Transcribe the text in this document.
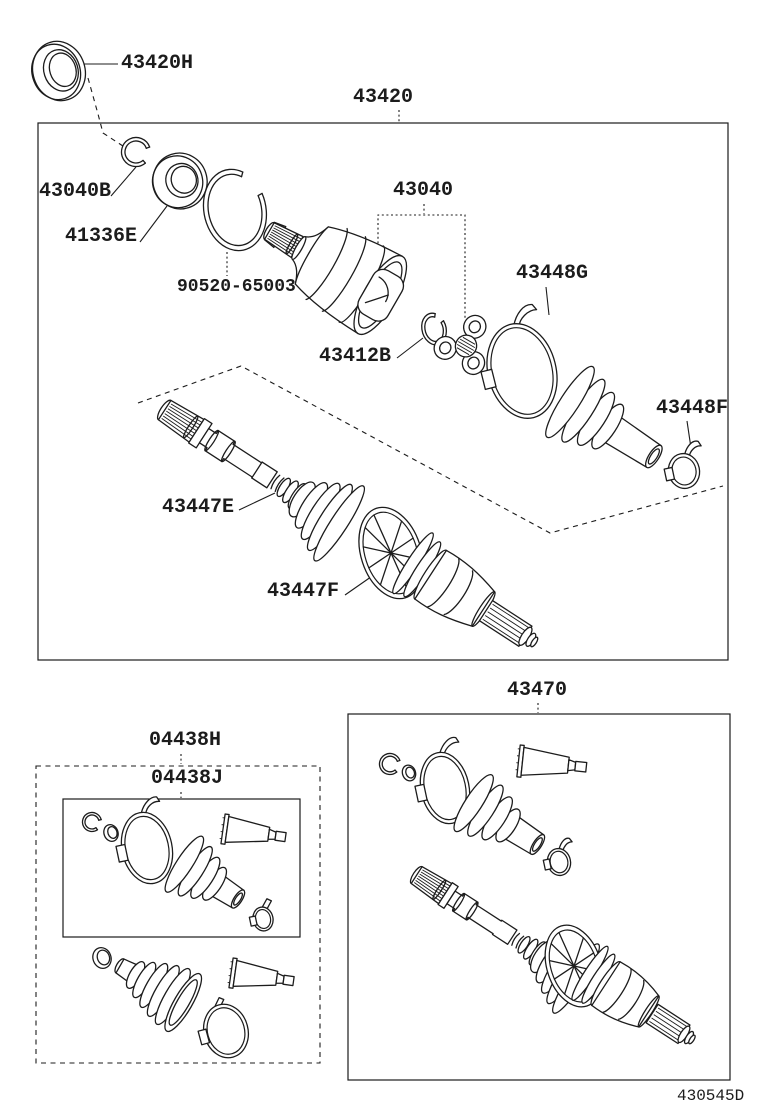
43420H
43420
43040B
41336E
90520-65003
43040
43412B
43448G
43448F
43447E
43447F
43470
04438H
04438J
430545D
